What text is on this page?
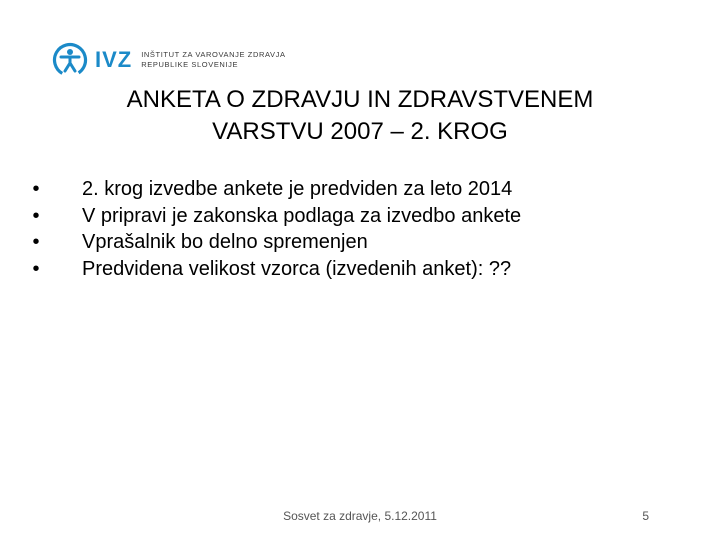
IVZ INŠTITUT ZA VAROVANJE ZDRAVJA
REPUBLIKE SLOVENIJE
ANKETA O ZDRAVJU IN ZDRAVSTVENEM
VARSTVU 2007 – 2. KROG
•	2. krog izvedbe ankete je predviden za leto 2014
•	V pripravi je zakonska podlaga za izvedbo ankete
•	Vprašalnik bo delno spremenjen
•	Predvidena velikost vzorca (izvedenih anket): ??
Sosvet za zdravje, 5.12.2011	5
